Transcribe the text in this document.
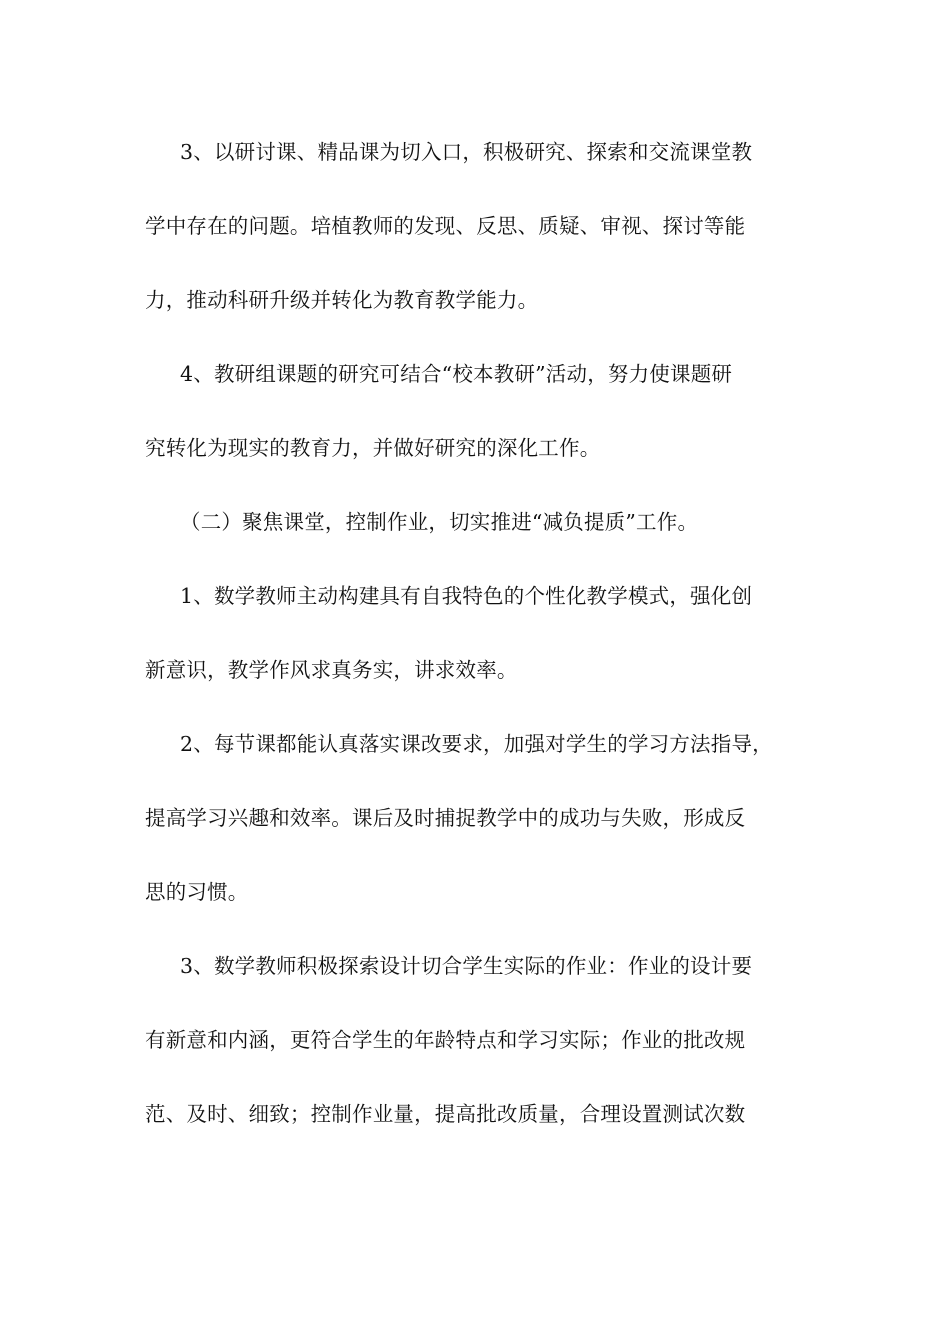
3、以研讨课、精品课为切入口，积极研究、探索和交流课堂教
学中存在的问题。培植教师的发现、反思、质疑、审视、探讨等能
力，推动科研升级并转化为教育教学能力。
4、教研组课题的研究可结合“校本教研”活动，努力使课题研
究转化为现实的教育力，并做好研究的深化工作。
（二）聚焦课堂，控制作业，切实推进“减负提质”工作。
1、数学教师主动构建具有自我特色的个性化教学模式，强化创
新意识，教学作风求真务实，讲求效率。
2、每节课都能认真落实课改要求，加强对学生的学习方法指导，
提高学习兴趣和效率。课后及时捕捉教学中的成功与失败，形成反
思的习惯。
3、数学教师积极探索设计切合学生实际的作业：作业的设计要
有新意和内涵，更符合学生的年龄特点和学习实际；作业的批改规
范、及时、细致；控制作业量，提高批改质量，合理设置测试次数
